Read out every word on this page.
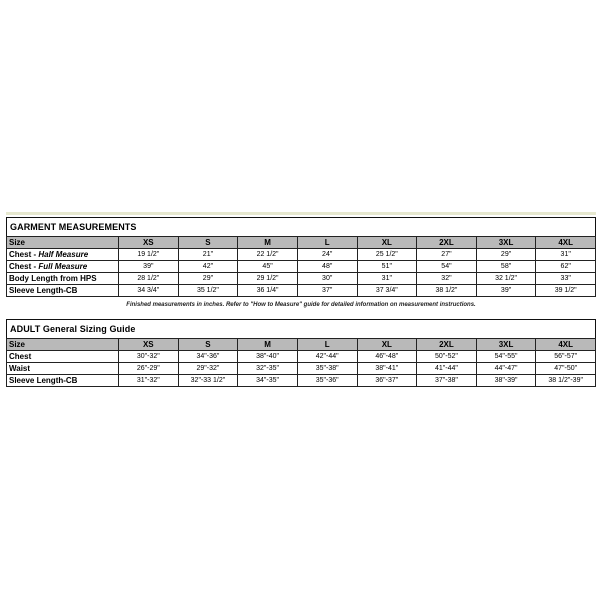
GARMENT MEASUREMENTS
Size	XS	S	M	L	XL	2XL	3XL	4XL
Chest - Half Measure	19 1/2"	21"	22 1/2"	24"	25 1/2"	27"	29"	31"
Chest - Full Measure	39"	42"	45"	48"	51"	54"	58"	62"
Body Length from HPS	28 1/2"	29"	29 1/2"	30"	31"	32"	32 1/2"	33"
Sleeve Length-CB	34 3/4"	35 1/2"	36 1/4"	37"	37 3/4"	38 1/2"	39"	39 1/2"
Finished measurements in inches. Refer to "How to Measure" guide for detailed information on measurement instructions.
ADULT General Sizing Guide
Size	XS	S	M	L	XL	2XL	3XL	4XL
Chest	30"-32"	34"-36"	38"-40"	42"-44"	46"-48"	50"-52"	54"-55"	56"-57"
Waist	26"-29"	29"-32"	32"-35"	35"-38"	38"-41"	41"-44"	44"-47"	47"-50"
Sleeve Length-CB	31"-32"	32"-33 1/2"	34"-35"	35"-36"	36"-37"	37"-38"	38"-39"	38 1/2"-39"
